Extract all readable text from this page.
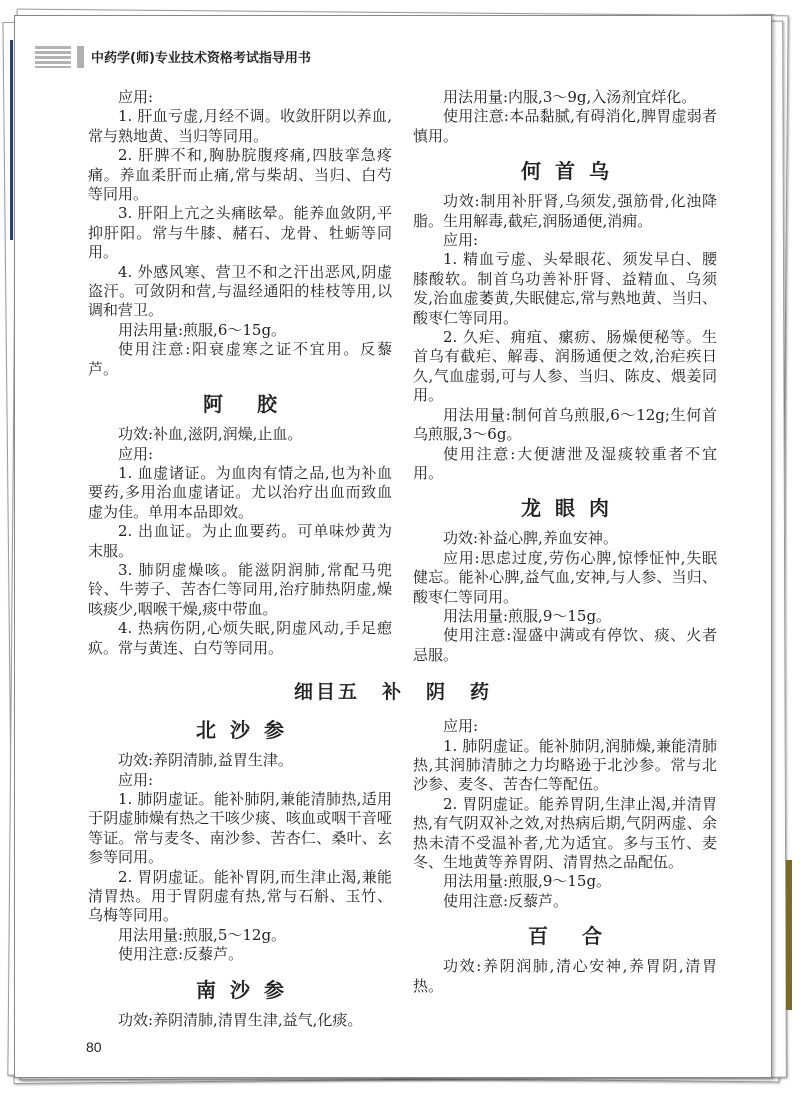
中药学(师)专业技术资格考试指导用书

应用:

1. 肝血亏虚,月经不调。收敛肝阴以养血,常与熟地黄、当归等同用。

2. 肝脾不和,胸胁脘腹疼痛,四肢挛急疼痛。养血柔肝而止痛,常与柴胡、当归、白芍等同用。

3. 肝阳上亢之头痛眩晕。能养血敛阴,平抑肝阳。常与牛膝、赭石、龙骨、牡蛎等同用。

4. 外感风寒、营卫不和之汗出恶风,阴虚盗汗。可敛阴和营,与温经通阳的桂枝等用,以调和营卫。

用法用量:煎服,6～15g。

使用注意:阳衰虚寒之证不宜用。反藜芦。

阿胶

功效:补血,滋阴,润燥,止血。

应用:

1. 血虚诸证。为血肉有情之品,也为补血要药,多用治血虚诸证。尤以治疗出血而致血虚为佳。单用本品即效。

2. 出血证。为止血要药。可单味炒黄为末服。

3. 肺阴虚燥咳。能滋阴润肺,常配马兜铃、牛蒡子、苦杏仁等同用,治疗肺热阴虚,燥咳痰少,咽喉干燥,痰中带血。

4. 热病伤阴,心烦失眠,阴虚风动,手足瘛疭。常与黄连、白芍等同用。

用法用量:内服,3～9g,入汤剂宜烊化。

使用注意:本品黏腻,有碍消化,脾胃虚弱者慎用。

何首乌

功效:制用补肝肾,乌须发,强筋骨,化浊降脂。生用解毒,截疟,润肠通便,消痈。

应用:

1. 精血亏虚、头晕眼花、须发早白、腰膝酸软。制首乌功善补肝肾、益精血、乌须发,治血虚萎黄,失眠健忘,常与熟地黄、当归、酸枣仁等同用。

2. 久疟、痈疽、瘰疬、肠燥便秘等。生首乌有截疟、解毒、润肠通便之效,治疟疾日久,气血虚弱,可与人参、当归、陈皮、煨姜同用。

用法用量:制何首乌煎服,6～12g;生何首乌煎服,3～6g。

使用注意:大便溏泄及湿痰较重者不宜用。

龙眼肉

功效:补益心脾,养血安神。

应用:思虑过度,劳伤心脾,惊悸怔忡,失眠健忘。能补心脾,益气血,安神,与人参、当归、酸枣仁等同用。

用法用量:煎服,9～15g。

使用注意:湿盛中满或有停饮、痰、火者忌服。

细目五　补　阴　药
北沙参

功效:养阴清肺,益胃生津。

应用:

1. 肺阴虚证。能补肺阴,兼能清肺热,适用于阴虚肺燥有热之干咳少痰、咳血或咽干音哑等证。常与麦冬、南沙参、苦杏仁、桑叶、玄参等同用。

2. 胃阴虚证。能补胃阴,而生津止渴,兼能清胃热。用于胃阴虚有热,常与石斛、玉竹、乌梅等同用。

用法用量:煎服,5～12g。

使用注意:反藜芦。

南沙参

功效:养阴清肺,清胃生津,益气,化痰。

应用:

1. 肺阴虚证。能补肺阴,润肺燥,兼能清肺热,其润肺清肺之力均略逊于北沙参。常与北沙参、麦冬、苦杏仁等配伍。

2. 胃阴虚证。能养胃阴,生津止渴,并清胃热,有气阴双补之效,对热病后期,气阴两虚、余热未清不受温补者,尤为适宜。多与玉竹、麦冬、生地黄等养胃阴、清胃热之品配伍。

用法用量:煎服,9～15g。

使用注意:反藜芦。

百合

功效:养阴润肺,清心安神,养胃阴,清胃热。

80
